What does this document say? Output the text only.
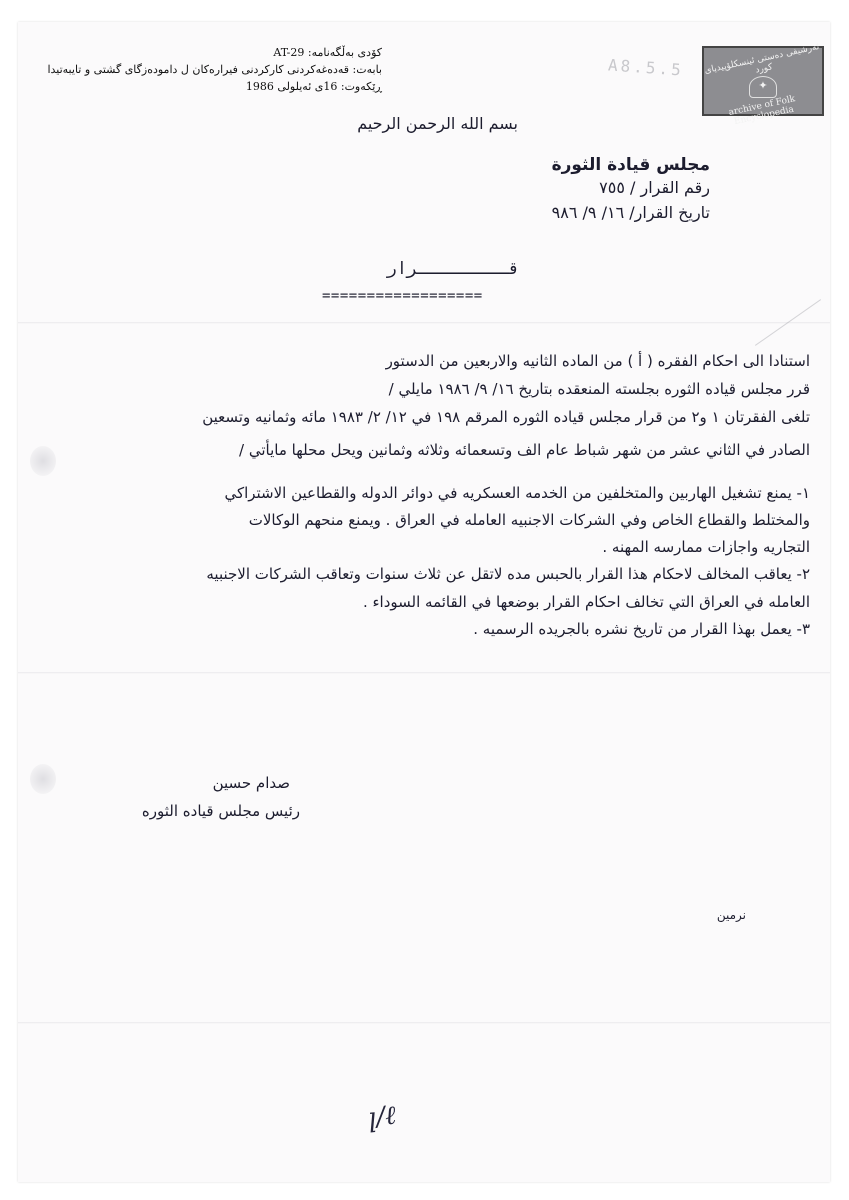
کۆدی بەڵگەنامە: AT-29
بابەت: قەدەغەکردنی کارکردنی فیرارەکان ل دامودەزگای گشتی و تایبەتیدا
ڕێکەوت: 16ی ئەیلولی 1986
A8.5.5 ئەرشیفی دەستی ئینسکلۆپیدیای کورد
✦
archive of Folk Encyclopedia
بسم الله الرحمن الرحيم
مجلس قيادة الثورة
رقم القرار / ٧٥٥
تاريخ القرار/ ١٦/ ٩/ ٩٨٦
قـــــــــرار
==================
استنادا الى احكام الفقره ( أ ) من الماده الثانيه والاربعين من الدستور
قرر مجلس قياده الثوره بجلسته المنعقده بتاريخ ١٦/ ٩/ ١٩٨٦ مايلي /
تلغى الفقرتان ١ و٢ من قرار مجلس قياده الثوره المرقم ١٩٨ في ١٢/ ٢/ ١٩٨٣ مائه وثمانيه وتسعين
الصادر في الثاني عشر من شهر شباط عام الف وتسعمائه وثلاثه وثمانين ويحل محلها مايأتي /
١- يمنع تشغيل الهاربين والمتخلفين من الخدمه العسكريه في دوائر الدوله والقطاعين الاشتراكي
والمختلط والقطاع الخاص وفي الشركات الاجنبيه العامله في العراق . ويمنع منحهم الوكالات
التجاريه واجازات ممارسه المهنه .
٢- يعاقب المخالف لاحكام هذا القرار بالحبس مده لاتقل عن ثلاث سنوات وتعاقب الشركات الاجنبيه
العامله في العراق التي تخالف احكام القرار بوضعها في القائمه السوداء .
٣- يعمل بهذا القرار من تاريخ نشره بالجريده الرسميه .
صدام حسين
رئيس مجلس قياده الثوره
نرمين
ꞁ/ℓ
